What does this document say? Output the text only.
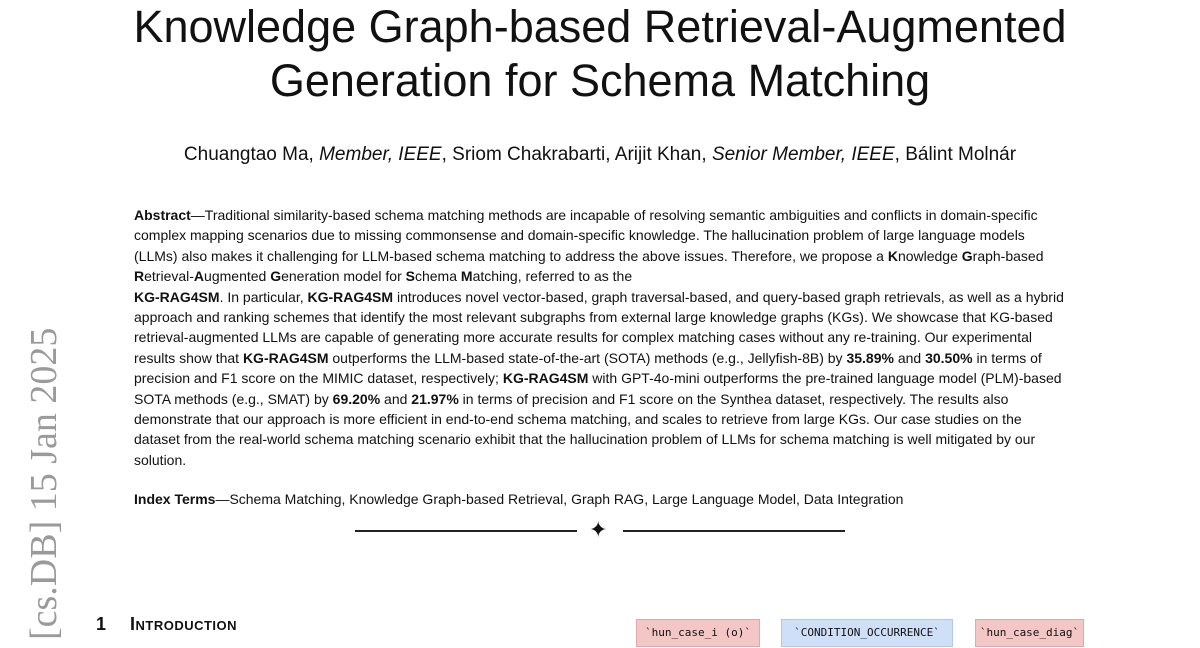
Knowledge Graph-based Retrieval-Augmented
Generation for Schema Matching
Chuangtao Ma, Member, IEEE, Sriom Chakrabarti, Arijit Khan, Senior Member, IEEE, Bálint Molnár
Abstract—Traditional similarity-based schema matching methods are incapable of resolving semantic ambiguities and conflicts in domain-specific complex mapping scenarios due to missing commonsense and domain-specific knowledge. The hallucination problem of large language models (LLMs) also makes it challenging for LLM-based schema matching to address the above issues. Therefore, we propose a Knowledge Graph-based Retrieval-Augmented Generation model for Schema Matching, referred to as the
KG-RAG4SM. In particular, KG-RAG4SM introduces novel vector-based, graph traversal-based, and query-based graph retrievals, as well as a hybrid approach and ranking schemes that identify the most relevant subgraphs from external large knowledge graphs (KGs). We showcase that KG-based retrieval-augmented LLMs are capable of generating more accurate results for complex matching cases without any re-training. Our experimental results show that KG-RAG4SM outperforms the LLM-based state-of-the-art (SOTA) methods (e.g., Jellyfish-8B) by 35.89% and 30.50% in terms of precision and F1 score on the MIMIC dataset, respectively; KG-RAG4SM with GPT-4o-mini outperforms the pre-trained language model (PLM)-based SOTA methods (e.g., SMAT) by 69.20% and 21.97% in terms of precision and F1 score on the Synthea dataset, respectively. The results also demonstrate that our approach is more efficient in end-to-end schema matching, and scales to retrieve from large KGs. Our case studies on the dataset from the real-world schema matching scenario exhibit that the hallucination problem of LLMs for schema matching is well mitigated by our solution.
Index Terms—Schema Matching, Knowledge Graph-based Retrieval, Graph RAG, Large Language Model, Data Integration
✦
[cs.DB] 15 Jan 2025 1 Introduction	`hun_case_i (o)`	`CONDITION_OCCURRENCE`	`hun_case_diag`
